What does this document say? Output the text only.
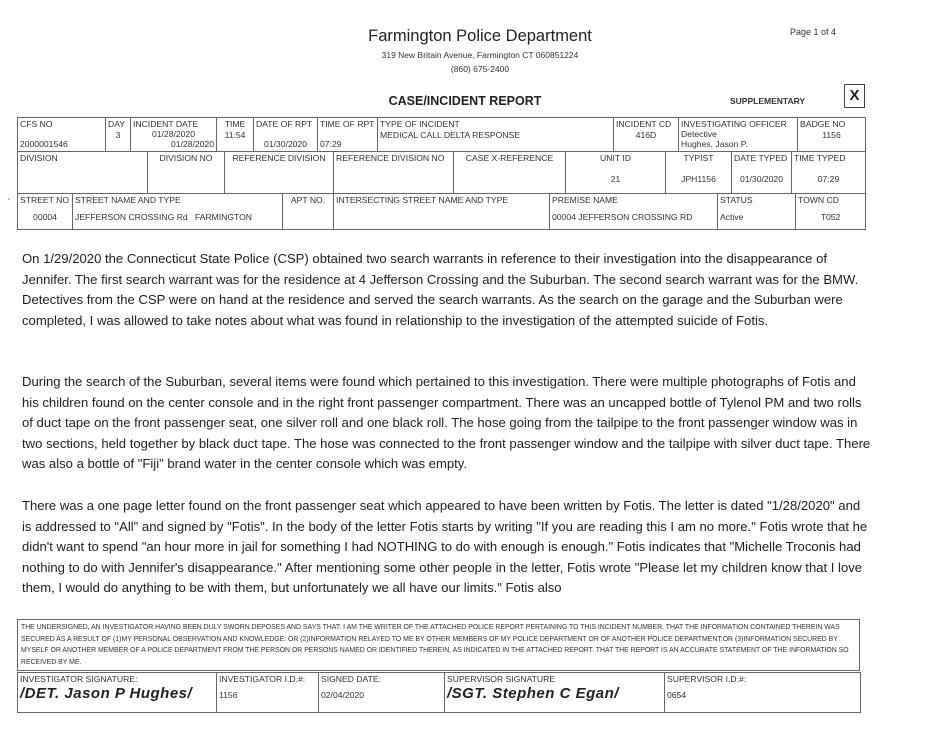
Farmington Police Department
319 New Britain Avenue, Farmington CT 060851224
(860) 675-2400
Page 1 of 4
CASE/INCIDENT REPORT	SUPPLEMENTARY	X
CFS NO
2000001546

DAY
3

INCIDENT DATE
01/28/2020
01/28/2020

TIME
11:54

DATE OF RPT
01/30/2020

TIME OF RPT
07:29

TYPE OF INCIDENT
MEDICAL CALL DELTA RESPONSE

INCIDENT CD
416D

INVESTIGATING OFFICER
Detective
Hughes, Jason P.

BADGE NO
1156
DIVISION	DIVISION NO	REFERENCE DIVISION	REFERENCE DIVISION NO	CASE X-REFERENCE	UNIT ID
21

TYPIST
JPH1156

DATE TYPED
01/30/2020

TIME TYPED
07:29
STREET NO
00004

STREET NAME AND TYPE
JEFFERSON CROSSING Rd   FARMINGTON

APT NO.	INTERSECTING STREET NAME AND TYPE	PREMISE NAME
00004 JEFFERSON CROSSING RD

STATUS
Active

TOWN CD
T052

On 1/29/2020 the Connecticut State Police (CSP) obtained two search warrants in reference to their investigation into the disappearance of Jennifer. The first search warrant was for the residence at 4 Jefferson Crossing and the Suburban. The second search warrant was for the BMW. Detectives from the CSP were on hand at the residence and served the search warrants. As the search on the garage and the Suburban were completed, I was allowed to take notes about what was found in relationship to the investigation of the attempted suicide of Fotis.

During the search of the Suburban, several items were found which pertained to this investigation. There were multiple photographs of Fotis and his children found on the center console and in the right front passenger compartment. There was an uncapped bottle of Tylenol PM and two rolls of duct tape on the front passenger seat, one silver roll and one black roll. The hose going from the tailpipe to the front passenger window was in two sections, held together by black duct tape. The hose was connected to the front passenger window and the tailpipe with silver duct tape. There was also a bottle of "Fiji" brand water in the center console which was empty.

There was a one page letter found on the front passenger seat which appeared to have been written by Fotis. The letter is dated "1/28/2020" and is addressed to "All" and signed by "Fotis". In the body of the letter Fotis starts by writing "If you are reading this I am no more." Fotis wrote that he didn't want to spend "an hour more in jail for something I had NOTHING to do with enough is enough." Fotis indicates that "Michelle Troconis had nothing to do with Jennifer's disappearance." After mentioning some other people in the letter, Fotis wrote "Please let my children know that I love them, I would do anything to be with them, but unfortunately we all have our limits." Fotis also

THE UNDERSIGNED, AN INVESTIGATOR HAVING BEEN DULY SWORN DEPOSES AND SAYS THAT: I AM THE WRITER OF THE ATTACHED POLICE REPORT PERTAINING TO THIS INCIDENT NUMBER. THAT THE INFORMATION CONTAINED THEREIN WAS SECURED AS A RESULT OF (1)MY PERSONAL OBSERVATION AND KNOWLEDGE: OR (2)INFORMATION RELAYED TO ME BY OTHER MEMBERS OF MY POLICE DEPARTMENT OR OF ANOTHER POLICE DEPARTMENT:OR (3)INFORMATION SECURED BY MYSELF OR ANOTHER MEMBER OF A POLICE DEPARTMENT FROM THE PERSON OR PERSONS NAMED OR IDENTIFIED THEREIN, AS INDICATED IN THE ATTACHED REPORT. THAT THE REPORT IS AN ACCURATE STATEMENT OF THE INFORMATION SO RECEIVED BY ME.
INVESTIGATOR SIGNATURE:
/DET. Jason P Hughes/

INVESTIGATOR I.D.#:
1156

SIGNED DATE:
02/04/2020

SUPERVISOR SIGNATURE
/SGT. Stephen C Egan/

SUPERVISOR I.D.#:
0654
